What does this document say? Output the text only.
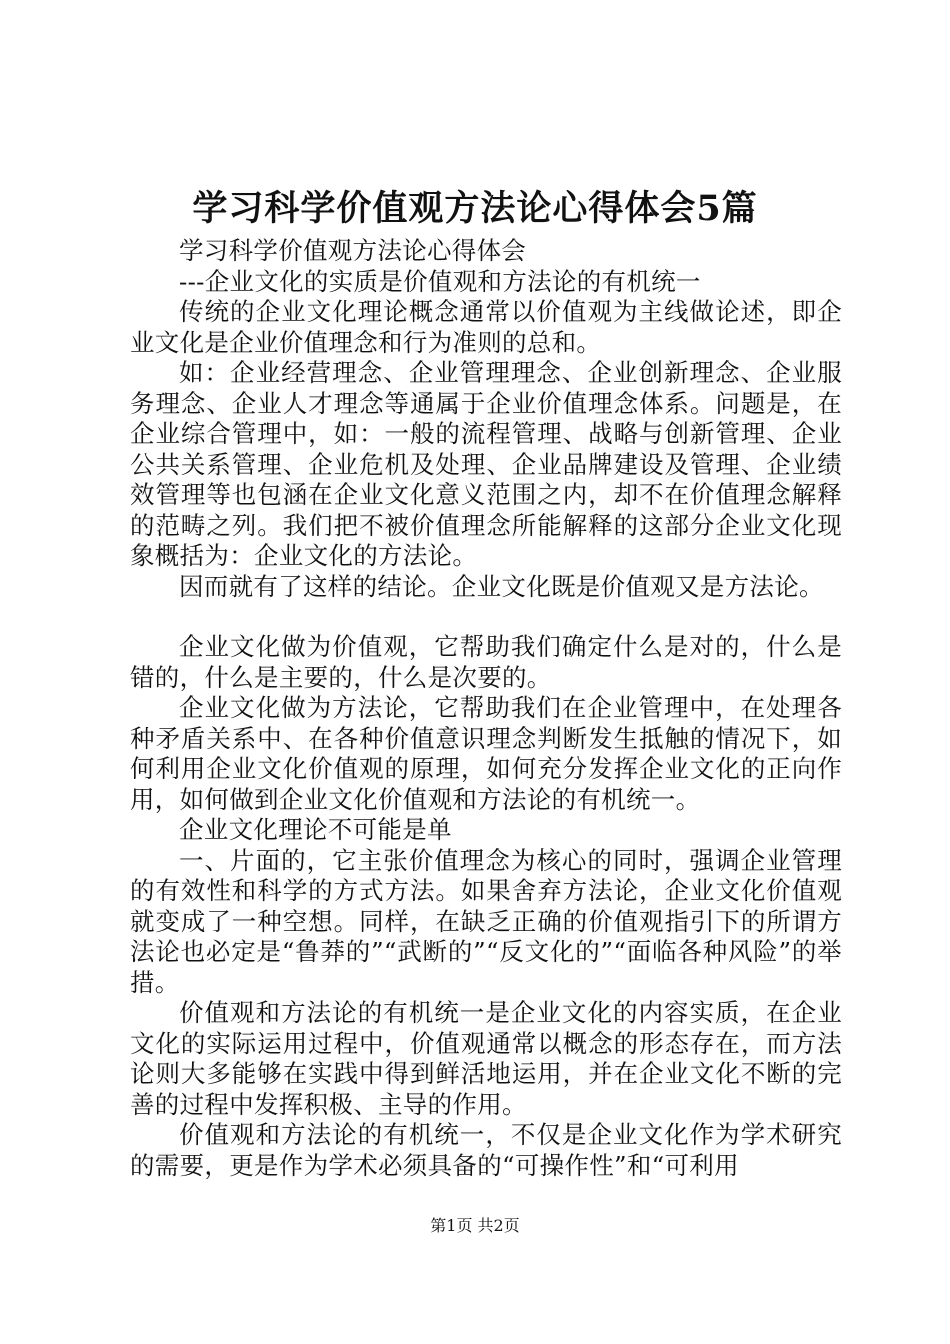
学习科学价值观方法论心得体会5篇

学习科学价值观方法论心得体会

---企业文化的实质是价值观和方法论的有机统一

传统的企业文化理论概念通常以价值观为主线做论述，即企业文化是企业价值理念和行为准则的总和。

如：企业经营理念、企业管理理念、企业创新理念、企业服务理念、企业人才理念等通属于企业价值理念体系。问题是，在企业综合管理中，如：一般的流程管理、战略与创新管理、企业公共关系管理、企业危机及处理、企业品牌建设及管理、企业绩效管理等也包涵在企业文化意义范围之内，却不在价值理念解释的范畴之列。我们把不被价值理念所能解释的这部分企业文化现象概括为：企业文化的方法论。

因而就有了这样的结论。企业文化既是价值观又是方法论。

企业文化做为价值观，它帮助我们确定什么是对的，什么是错的，什么是主要的，什么是次要的。

企业文化做为方法论，它帮助我们在企业管理中，在处理各种矛盾关系中、在各种价值意识理念判断发生抵触的情况下，如何利用企业文化价值观的原理，如何充分发挥企业文化的正向作用，如何做到企业文化价值观和方法论的有机统一。

企业文化理论不可能是单

一、片面的，它主张价值理念为核心的同时，强调企业管理的有效性和科学的方式方法。如果舍弃方法论，企业文化价值观就变成了一种空想。同样，在缺乏正确的价值观指引下的所谓方法论也必定是“鲁莽的”“武断的”“反文化的”“面临各种风险”的举措。

价值观和方法论的有机统一是企业文化的内容实质，在企业文化的实际运用过程中，价值观通常以概念的形态存在，而方法论则大多能够在实践中得到鲜活地运用，并在企业文化不断的完善的过程中发挥积极、主导的作用。

价值观和方法论的有机统一，不仅是企业文化作为学术研究的需要，更是作为学术必须具备的“可操作性”和“可利用

第1页 共2页
